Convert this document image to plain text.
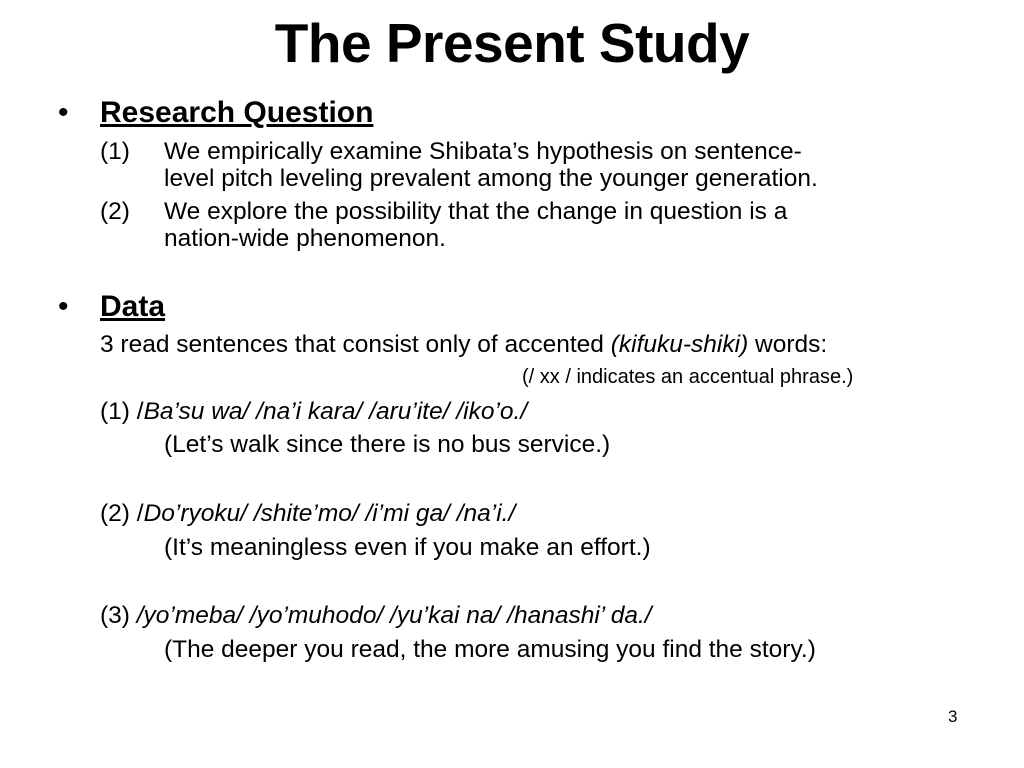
The Present Study
• Research Question
(1) We empirically examine Shibata’s hypothesis on sentence-
level pitch leveling prevalent among the younger generation.
(2) We explore the possibility that the change in question is a
nation-wide phenomenon.
• Data
3 read sentences that consist only of accented (kifuku-shiki) words:
(/ xx / indicates an accentual phrase.)
(1) /Ba’su wa/ /na’i kara/ /aru’ite/ /iko’o./
(Let’s walk since there is no bus service.)
(2) /Do’ryoku/ /shite’mo/ /i’mi ga/ /na’i./
(It’s meaningless even if you make an effort.)
(3) /yo’meba/ /yo’muhodo/ /yu’kai na/ /hanashi’ da./
(The deeper you read, the more amusing you find the story.)
3
